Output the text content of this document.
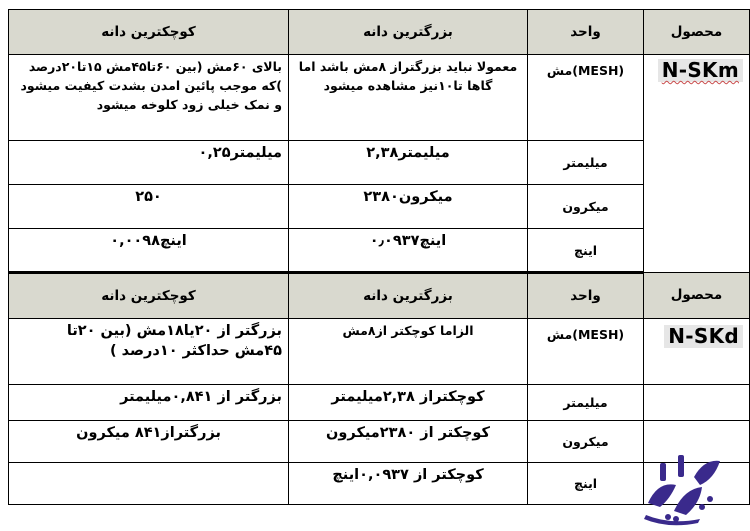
کوچکترین دانه	بزرگترین دانه	واحد	محصول
بالای ۶۰مش (بین ۶۰تا۴۵مش ۱۵تا۲۰درصد )که موجب پائین امدن بشدت کیفیت میشود و نمک خیلی زود کلوخه میشود	معمولا نباید بزرگتراز ۸مش باشد اما گاها تا۱۰نیز مشاهده میشود	مش(MESH)	N-SKm
۰,۲۵میلیمتر	۲,۳۸میلیمتر	میلیمتر	
۲۵۰	۲۳۸۰میکرون	میکرون	
۰,۰۰۹۸اینچ	۰٫۰۹۳۷اینچ	اینچ	
کوچکترین دانه	بزرگترین دانه	واحد	محصول
بزرگتر از ۲۰یا۱۸مش (بین ۲۰تا ۴۵مش حداکثر ۱۰درصد )	الزاما کوچکتر از۸مش	مش(MESH)	N-SKd
بزرگتر از ۰,۸۴۱میلیمتر	کوچکتراز ۲,۳۸میلیمتر	میلیمتر	
بزرگتراز۸۴۱ میکرون	کوچکتر از ۲۳۸۰میکرون	میکرون	
	کوچکتر از ۰,۰۹۳۷اینچ	اینچ	
